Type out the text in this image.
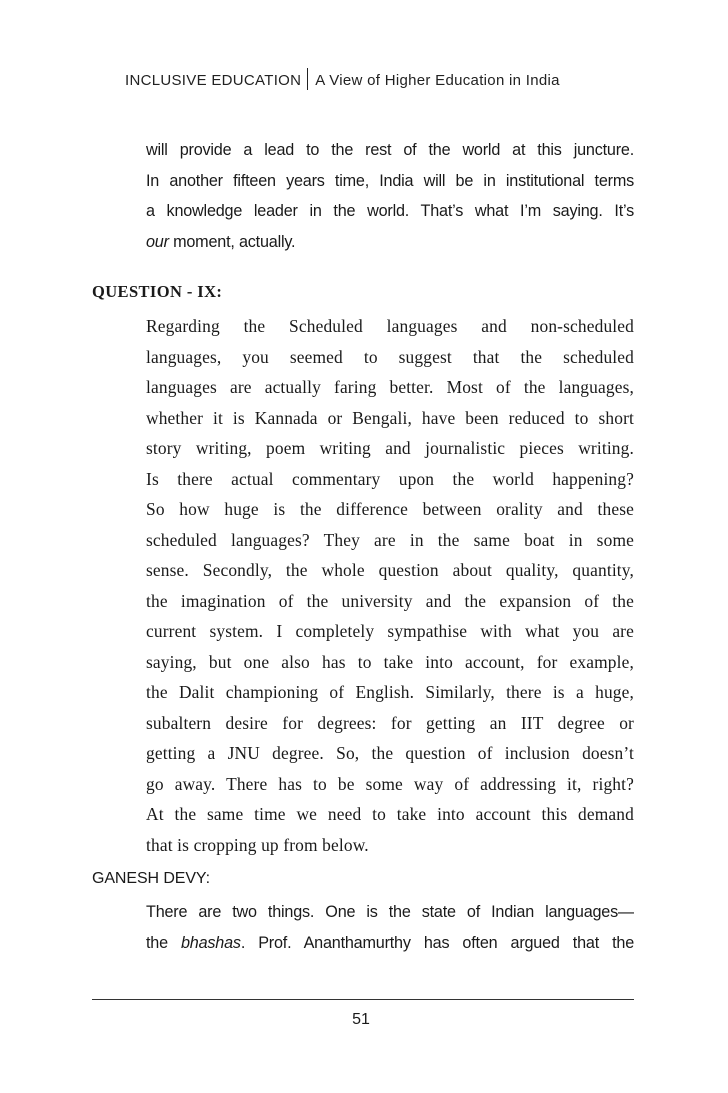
INCLUSIVE EDUCATION A View of Higher Education in India
will provide a lead to the rest of the world at this juncture.
In another fifteen years time, India will be in institutional terms
a knowledge leader in the world. That’s what I’m saying. It’s
our moment, actually.
QUESTION - IX:
Regarding the Scheduled languages and non-scheduled
languages, you seemed to suggest that the scheduled
languages are actually faring better. Most of the languages,
whether it is Kannada or Bengali, have been reduced to short
story writing, poem writing and journalistic pieces writing.
Is there actual commentary upon the world happening?
So how huge is the difference between orality and these
scheduled languages? They are in the same boat in some
sense. Secondly, the whole question about quality, quantity,
the imagination of the university and the expansion of the
current system. I completely sympathise with what you are
saying, but one also has to take into account, for example,
the Dalit championing of English. Similarly, there is a huge,
subaltern desire for degrees: for getting an IIT degree or
getting a JNU degree. So, the question of inclusion doesn’t
go away. There has to be some way of addressing it, right?
At the same time we need to take into account this demand
that is cropping up from below.
GANESH DEVY:
There are two things. One is the state of Indian languages—
the bhashas. Prof. Ananthamurthy has often argued that the
51
